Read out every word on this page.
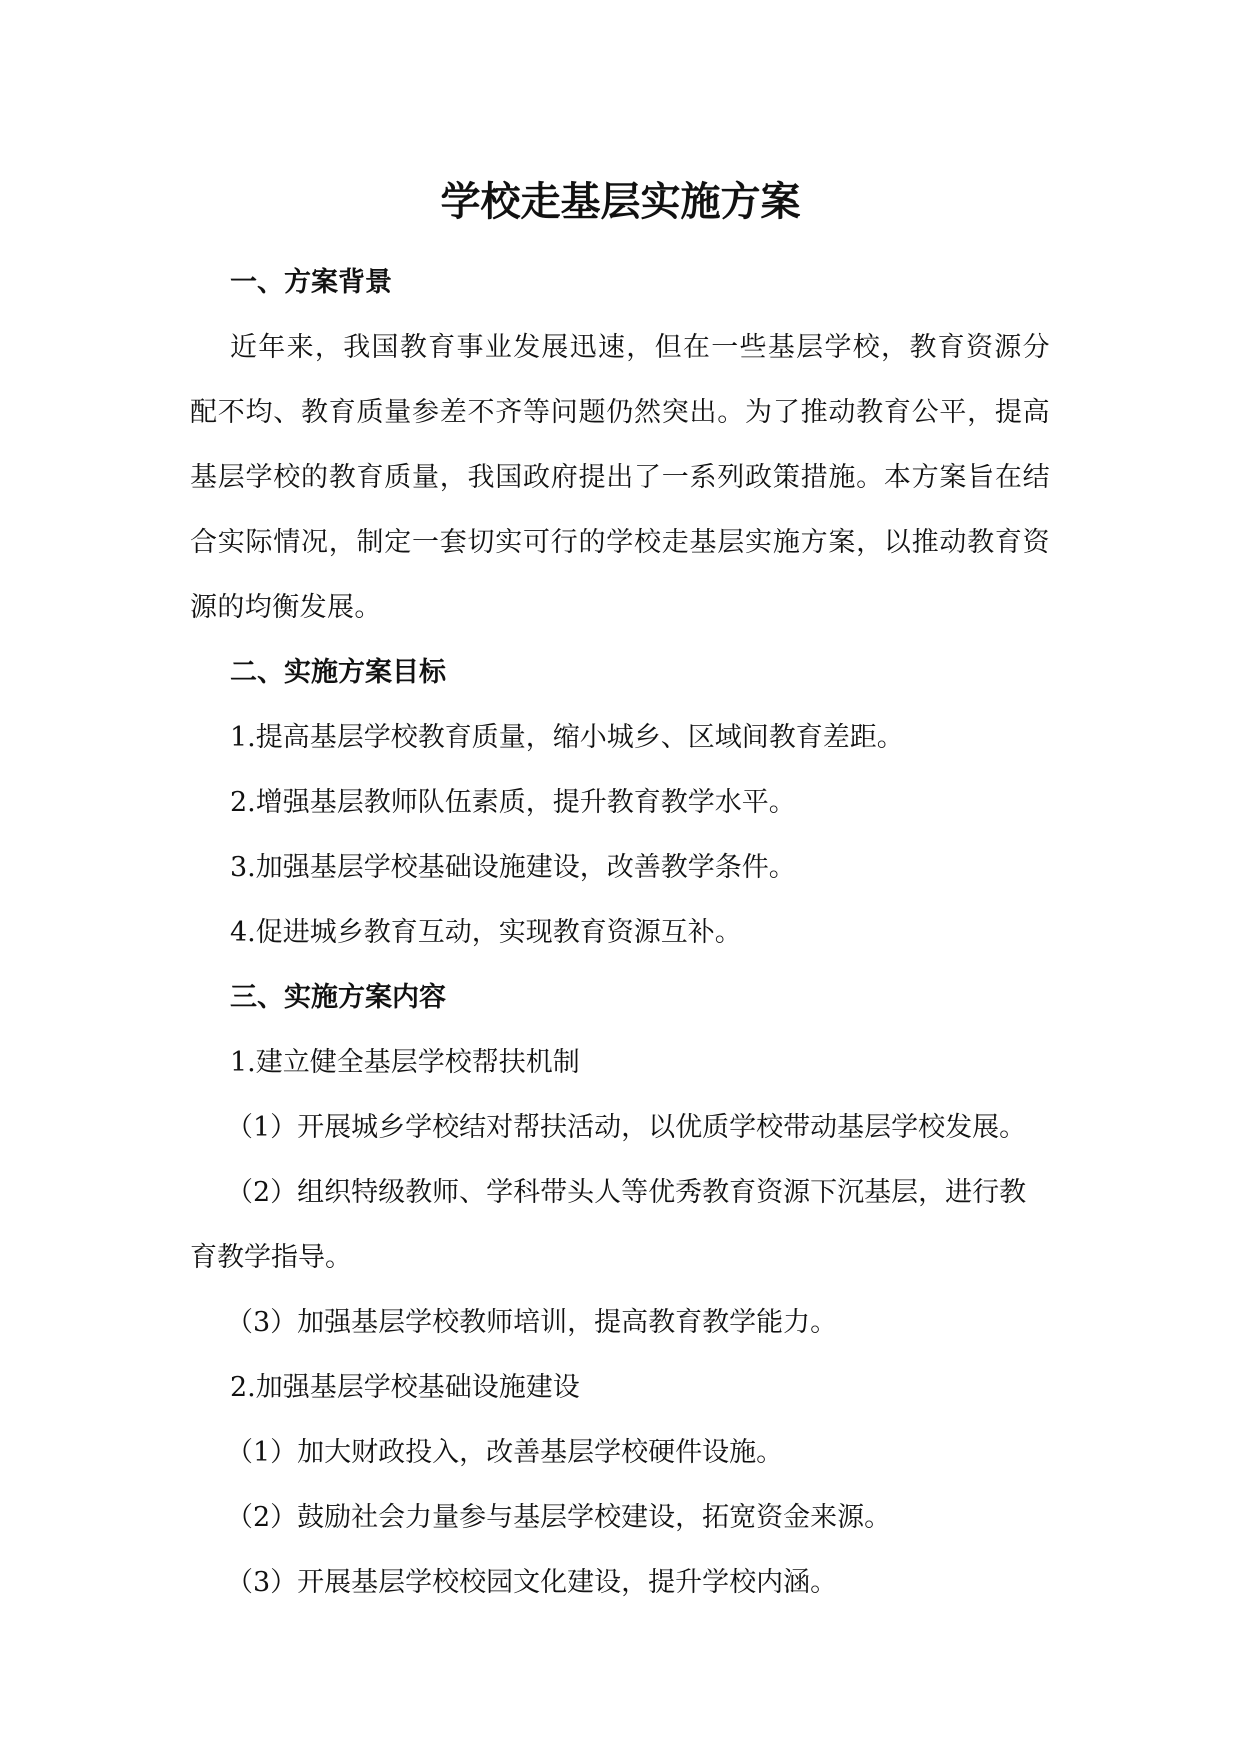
学校走基层实施方案
一、方案背景

近年来，我国教育事业发展迅速，但在一些基层学校，教育资源分配不均、教育质量参差不齐等问题仍然突出。为了推动教育公平，提高基层学校的教育质量，我国政府提出了一系列政策措施。本方案旨在结合实际情况，制定一套切实可行的学校走基层实施方案，以推动教育资源的均衡发展。

二、实施方案目标

1.提高基层学校教育质量，缩小城乡、区域间教育差距。

2.增强基层教师队伍素质，提升教育教学水平。

3.加强基层学校基础设施建设，改善教学条件。

4.促进城乡教育互动，实现教育资源互补。

三、实施方案内容

1.建立健全基层学校帮扶机制

（1）开展城乡学校结对帮扶活动，以优质学校带动基层学校发展。

（2）组织特级教师、学科带头人等优秀教育资源下沉基层，进行教育教学指导。

（3）加强基层学校教师培训，提高教育教学能力。

2.加强基层学校基础设施建设

（1）加大财政投入，改善基层学校硬件设施。

（2）鼓励社会力量参与基层学校建设，拓宽资金来源。

（3）开展基层学校校园文化建设，提升学校内涵。
